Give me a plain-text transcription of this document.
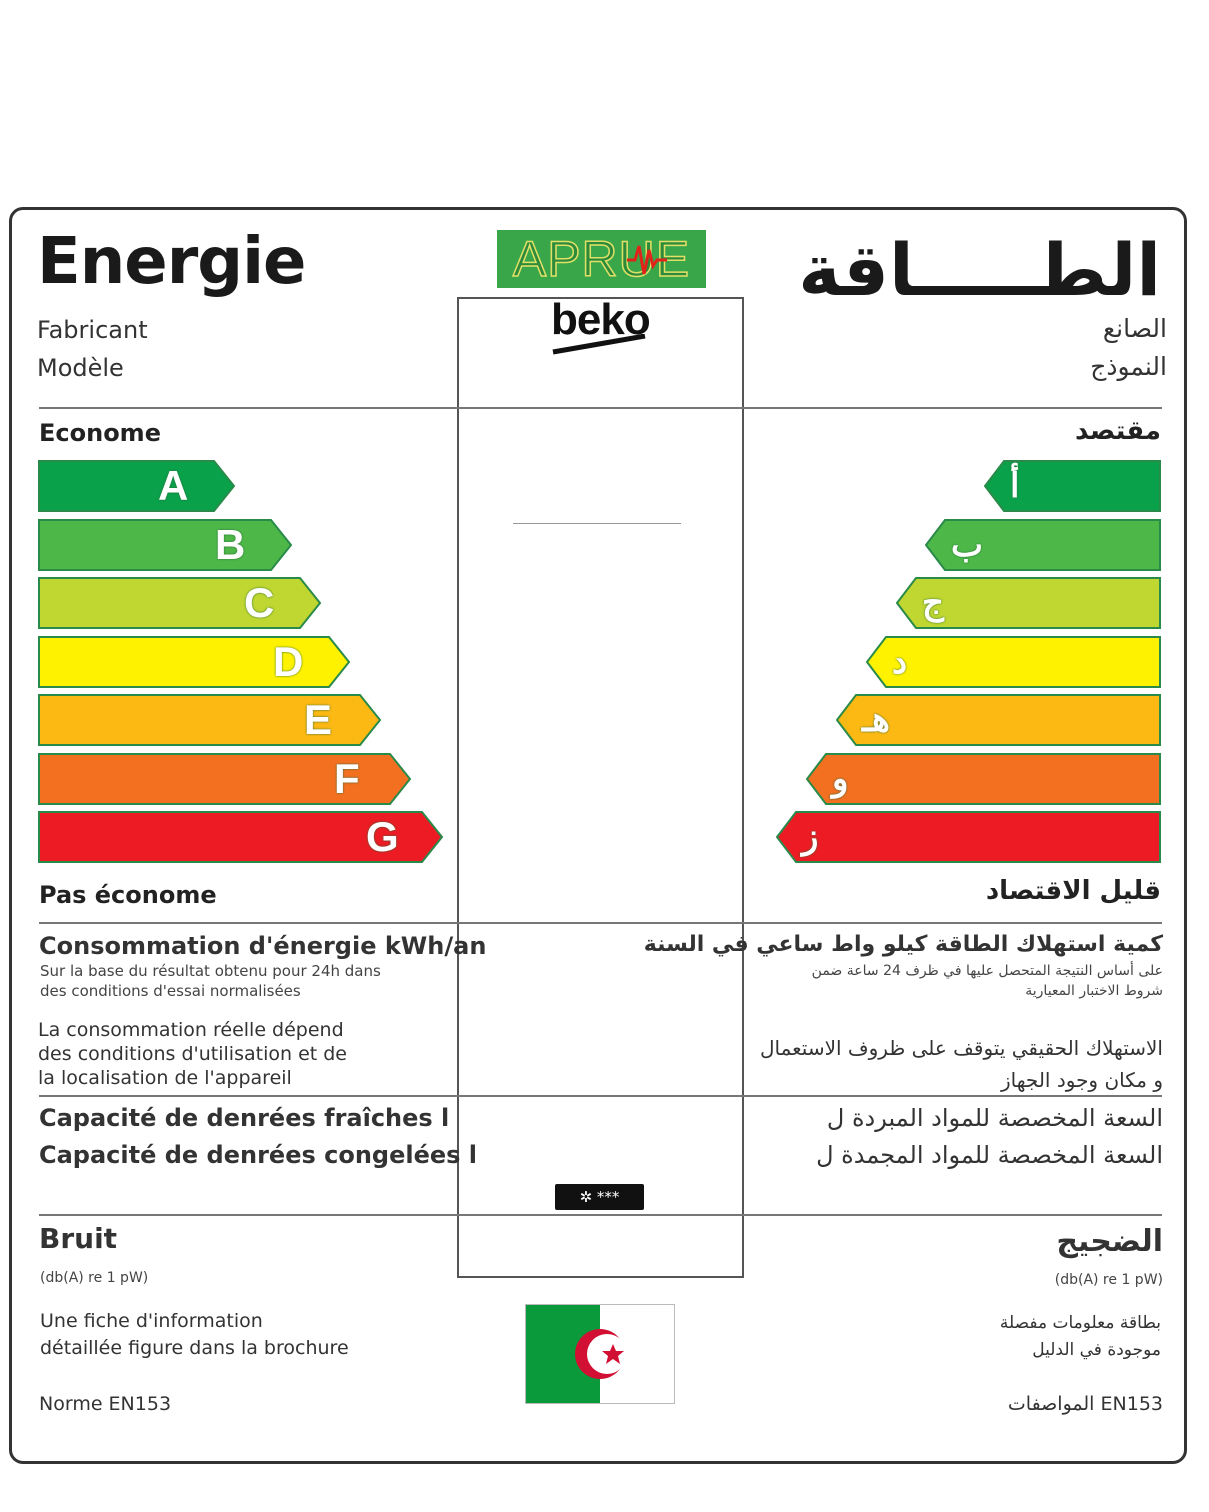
Energie	الطـــــاقة
APRUE
beko
Fabricant
Modèle
الصانع
النموذج
Econome	مقتصد
A
B
C
D
E
F
G
أ
ب
ج
د
هـ
و
ز
Pas économe	قليل الاقتصاد
Consommation d'énergie kWh/an
Sur la base du résultat obtenu pour 24h dans
des conditions d'essai normalisées
La consommation réelle dépend
des conditions d'utilisation et de
la localisation de l'appareil
كمية استهلاك الطاقة كيلو واط ساعي في السنة
على أساس النتيجة المتحصل عليها في ظرف 24 ساعة ضمن
شروط الاختبار المعيارية
الاستهلاك الحقيقي يتوقف على ظروف الاستعمال
و مكان وجود الجهاز
Capacité de denrées fraîches l
Capacité de denrées congelées l
السعة المخصصة للمواد المبردة ل
السعة المخصصة للمواد المجمدة ل
✲ ***
Bruit	الضجيج
(db(A) re 1 pW)	(db(A) re 1 pW)
Une fiche d'information
détaillée figure dans la brochure
بطاقة معلومات مفصلة
موجودة في الدليل
Norme EN153	المواصفات EN153
